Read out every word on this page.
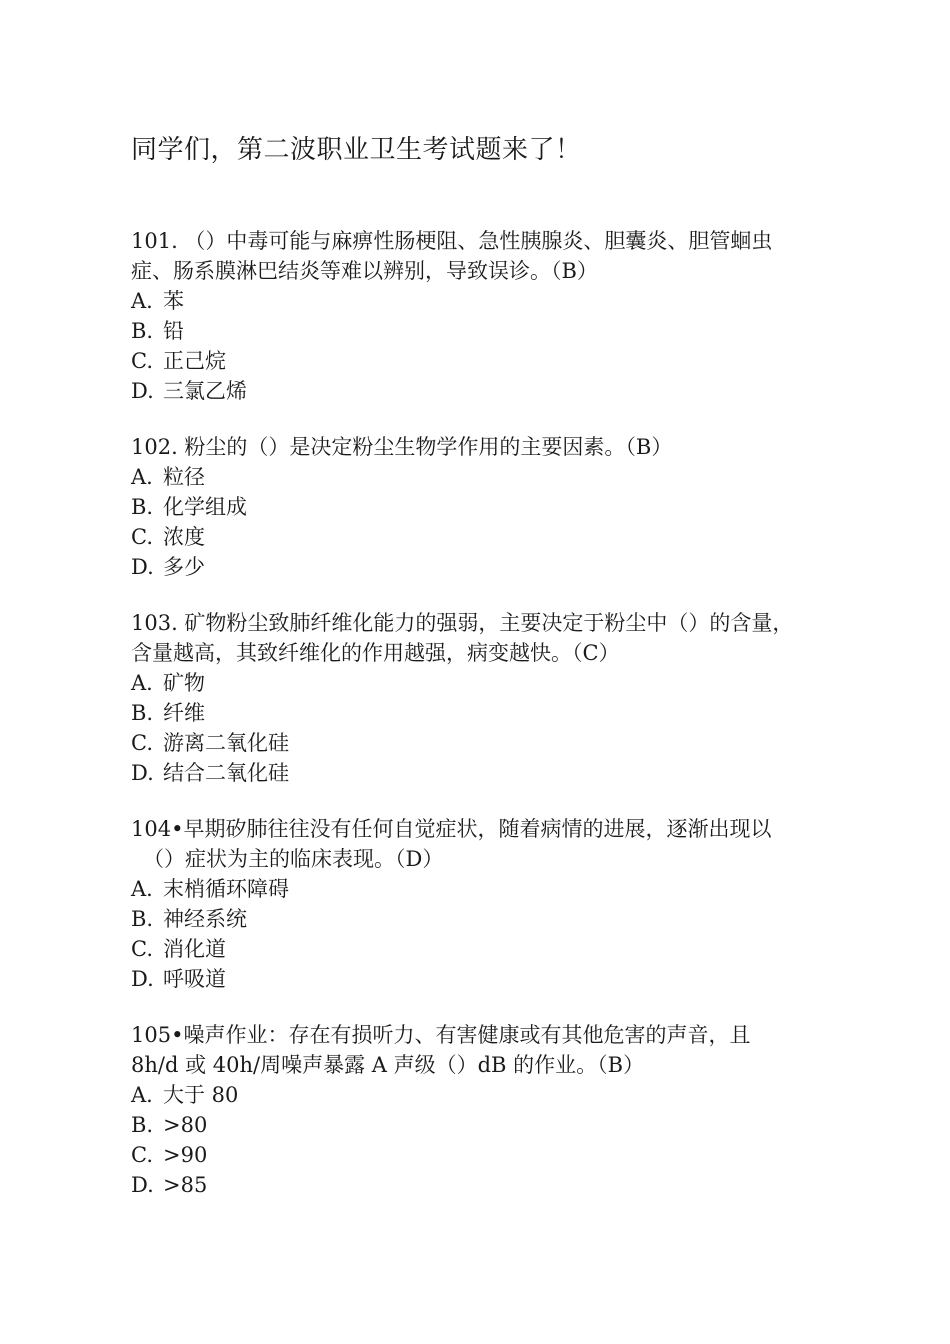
同学们，第二波职业卫生考试题来了！

101. （）中毒可能与麻痹性肠梗阻、急性胰腺炎、胆囊炎、胆管蛔虫
症、肠系膜淋巴结炎等难以辨别，导致误诊。（B）

A. 苯
B. 铅
C. 正己烷
D. 三氯乙烯

102. 粉尘的（）是决定粉尘生物学作用的主要因素。（B）

A. 粒径
B. 化学组成
C. 浓度
D. 多少

103. 矿物粉尘致肺纤维化能力的强弱，主要决定于粉尘中（）的含量，
含量越高，其致纤维化的作用越强，病变越快。（C）

A. 矿物
B. 纤维
C. 游离二氧化硅
D. 结合二氧化硅

104•早期矽肺往往没有任何自觉症状，随着病情的进展，逐渐出现以
（）症状为主的临床表现。（D）

A. 末梢循环障碍
B. 神经系统
C. 消化道
D. 呼吸道

105•噪声作业：存在有损听力、有害健康或有其他危害的声音，且
8h/d 或 40h/周噪声暴露 A 声级（）dB 的作业。（B）

A. 大于 80
B. >80
C. >90
D. >85
